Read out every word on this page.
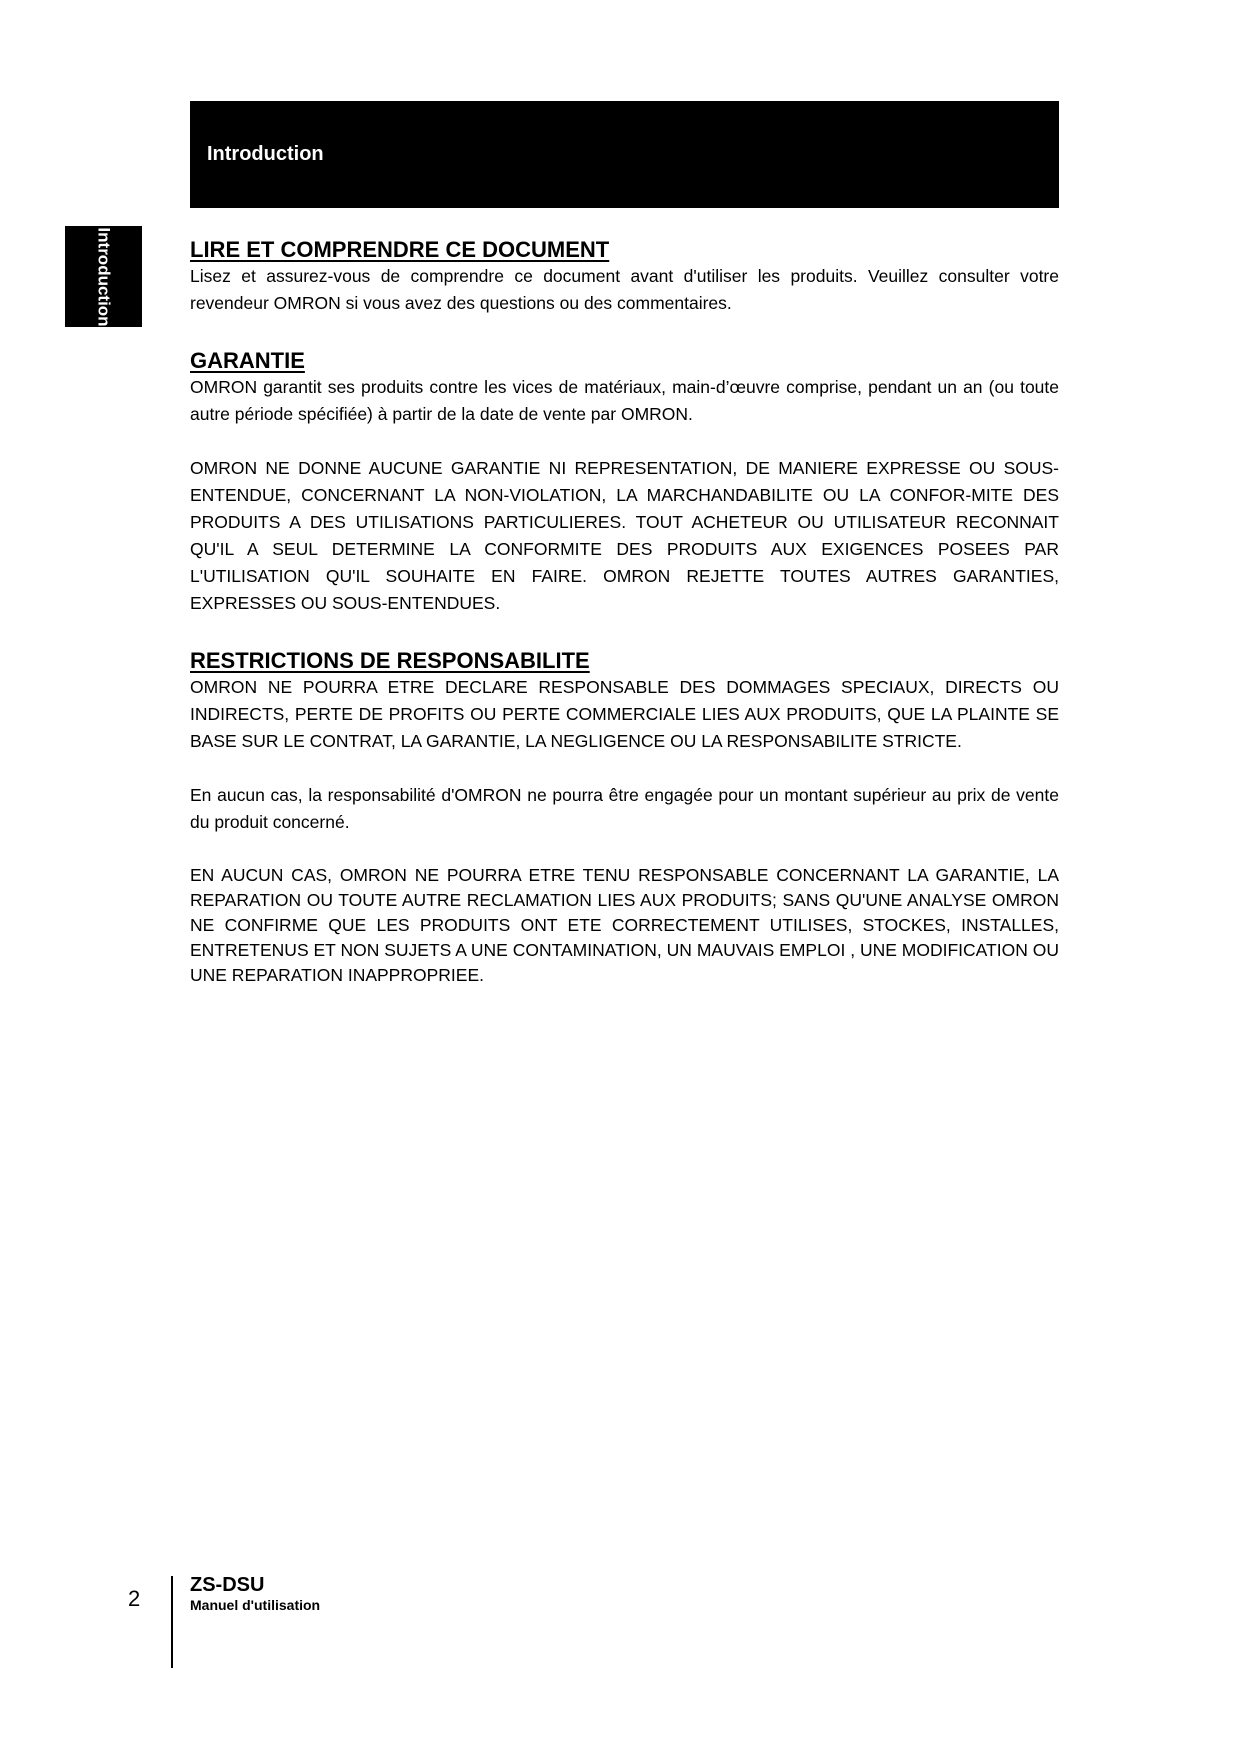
Introduction
Introduction	LIRE ET COMPRENDRE CE DOCUMENT

Lisez et assurez-vous de comprendre ce document avant d'utiliser les produits. Veuillez consulter votre revendeur OMRON si vous avez des questions ou des commentaires.

GARANTIE

OMRON garantit ses produits contre les vices de matériaux, main-d’œuvre comprise, pendant un an (ou toute autre période spécifiée) à partir de la date de vente par OMRON.

OMRON NE DONNE AUCUNE GARANTIE NI REPRESENTATION, DE MANIERE EXPRESSE OU SOUS-ENTENDUE, CONCERNANT LA NON-VIOLATION, LA MARCHANDABILITE OU LA CONFOR-MITE DES PRODUITS A DES UTILISATIONS PARTICULIERES. TOUT ACHETEUR OU UTILISATEUR RECONNAIT QU'IL A SEUL DETERMINE LA CONFORMITE DES PRODUITS AUX EXIGENCES POSEES PAR L'UTILISATION QU'IL SOUHAITE EN FAIRE. OMRON REJETTE TOUTES AUTRES GARANTIES, EXPRESSES OU SOUS-ENTENDUES.

RESTRICTIONS DE RESPONSABILITE

OMRON NE POURRA ETRE DECLARE RESPONSABLE DES DOMMAGES SPECIAUX, DIRECTS OU INDIRECTS, PERTE DE PROFITS OU PERTE COMMERCIALE LIES AUX PRODUITS, QUE LA PLAINTE SE BASE SUR LE CONTRAT, LA GARANTIE, LA NEGLIGENCE OU LA RESPONSABILITE STRICTE.

En aucun cas, la responsabilité d'OMRON ne pourra être engagée pour un montant supérieur au prix de vente du produit concerné.

EN AUCUN CAS, OMRON NE POURRA ETRE TENU RESPONSABLE CONCERNANT LA GARANTIE, LA REPARATION OU TOUTE AUTRE RECLAMATION LIES AUX PRODUITS; SANS QU'UNE ANALYSE OMRON NE CONFIRME QUE LES PRODUITS ONT ETE CORRECTEMENT UTILISES, STOCKES, INSTALLES, ENTRETENUS ET NON SUJETS A UNE CONTAMINATION, UN MAUVAIS EMPLOI , UNE MODIFICATION OU UNE REPARATION INAPPROPRIEE.

2
ZS-DSU
Manuel d'utilisation
